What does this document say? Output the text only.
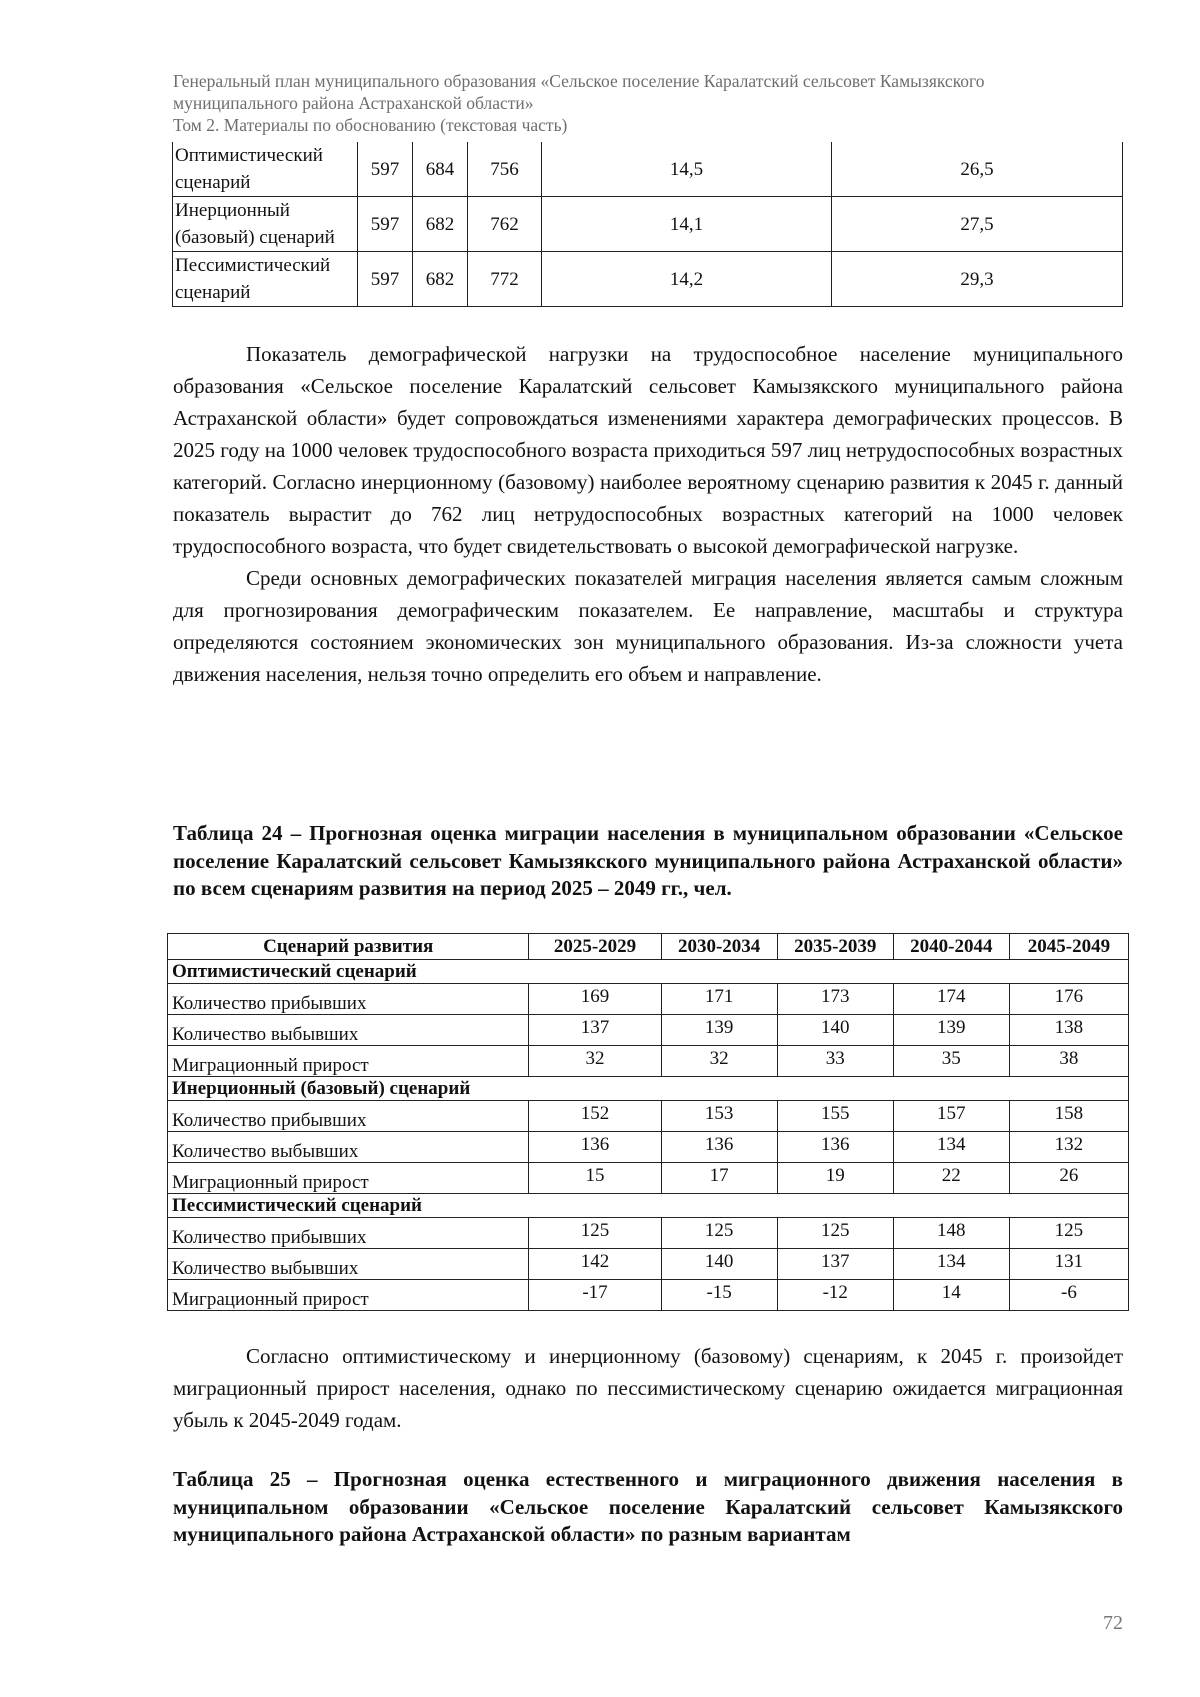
Генеральный план муниципального образования «Сельское поселение Каралатский сельсовет Камызякского
муниципального района Астраханской области»
Том 2. Материалы по обоснованию (текстовая часть)
Оптимистический
сценарий	597	684	756	14,5	26,5
Инерционный
(базовый) сценарий	597	682	762	14,1	27,5
Пессимистический
сценарий	597	682	772	14,2	29,3

Показатель демографической нагрузки на трудоспособное население муниципального образования «Сельское поселение Каралатский сельсовет Камызякского муниципального района Астраханской области» будет сопровождаться изменениями характера демографических процессов. В 2025 году на 1000 человек трудоспособного возраста приходиться 597 лиц нетрудоспособных возрастных категорий. Согласно инерционному (базовому) наиболее вероятному сценарию развития к 2045 г. данный показатель вырастит до 762 лиц нетрудоспособных возрастных категорий на 1000 человек трудоспособного возраста, что будет свидетельствовать о высокой демографической нагрузке.

Среди основных демографических показателей миграция населения является самым сложным для прогнозирования демографическим показателем. Ее направление, масштабы и структура определяются состоянием экономических зон муниципального образования. Из-за сложности учета движения населения, нельзя точно определить его объем и направление.

Таблица 24 – Прогнозная оценка миграции населения в муниципальном образовании «Сельское поселение Каралатский сельсовет Камызякского муниципального района Астраханской области» по всем сценариям развития на период 2025 – 2049 гг., чел.
Сценарий развития	2025-2029	2030-2034	2035-2039	2040-2044	2045-2049
Оптимистический сценарий					
Количество прибывших	169	171	173	174	176
Количество выбывших	137	139	140	139	138
Миграционный прирост	32	32	33	35	38
Инерционный (базовый) сценарий					
Количество прибывших	152	153	155	157	158
Количество выбывших	136	136	136	134	132
Миграционный прирост	15	17	19	22	26
Пессимистический сценарий					
Количество прибывших	125	125	125	148	125
Количество выбывших	142	140	137	134	131
Миграционный прирост	-17	-15	-12	14	-6

Согласно оптимистическому и инерционному (базовому) сценариям, к 2045 г. произойдет миграционный прирост населения, однако по пессимистическому сценарию ожидается миграционная убыль к 2045-2049 годам.

Таблица 25 – Прогнозная оценка естественного и миграционного движения населения в муниципальном образовании «Сельское поселение Каралатский сельсовет Камызякского муниципального района Астраханской области» по разным вариантам
72
